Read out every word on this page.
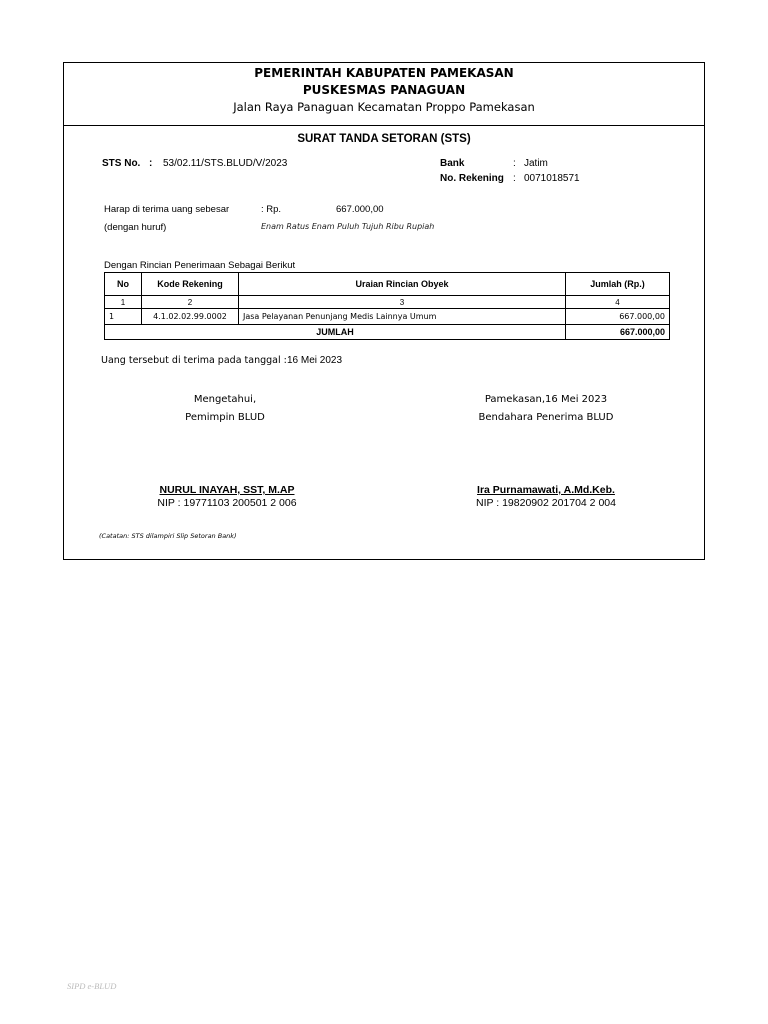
PEMERINTAH KABUPATEN PAMEKASAN
PUSKESMAS PANAGUAN
Jalan Raya Panaguan Kecamatan Proppo Pamekasan
SURAT TANDA SETORAN (STS)
STS No. : 53/02.11/STS.BLUD/V/2023	Bank	: Jatim
No. Rekening : 0071018571
Harap di terima uang sebesar	: Rp.	667.000,00
(dengan huruf)	Enam Ratus Enam Puluh Tujuh Ribu Rupiah
Dengan Rincian Penerimaan Sebagai Berikut
No	Kode Rekening	Uraian Rincian Obyek	Jumlah (Rp.)
1	2	3	4
1	4.1.02.02.99.0002	Jasa Pelayanan Penunjang Medis Lainnya Umum	667.000,00
JUMLAH			667.000,00
Uang tersebut di terima pada tanggal : 16 Mei 2023
Mengetahui,
Pemimpin BLUD
NURUL INAYAH, SST, M.AP
NIP : 19771103 200501 2 006
Pamekasan,16 Mei 2023
Bendahara Penerima BLUD
Ira Purnamawati, A.Md.Keb.
NIP : 19820902 201704 2 004
(Catatan: STS dilampiri Slip Setoran Bank)
SIPD e-BLUD
